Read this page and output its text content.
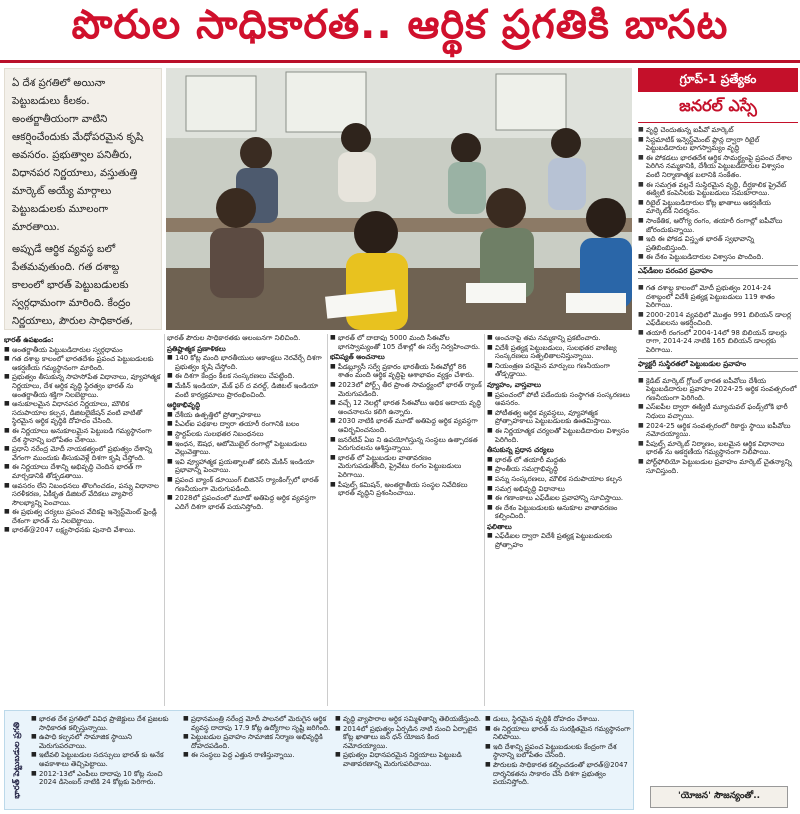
పొరుల సాధికారత.. ఆర్థిక ప్రగతికి బాసట

ఏ దేశ ప్రగతిలో అయినా పెట్టుబడులు కీలకం. అంతర్జాతీయంగా వాటిని ఆకర్షించేందుకు మేధోపరమైన కృషి అవసరం. ప్రభుత్వాల పనితీరు, విధానపర నిర్ణయాలు, వస్తుతుత్తి మార్కెట్ అయ్యే మార్గాలు పెట్టుబడులకు మూలంగా మారతాయి.

అప్పుడే ఆర్థిక వ్యవస్థ బలో పేతమవుతుంది. గత దశాబ్ద కాలంలో భారత్ పెట్టుబడులకు స్వర్గధామంగా మారింది. కేంద్రం నిర్ణయాలు, పౌరుల సాధికారత,

గ్రూప్-1 ప్రత్యేకం
జనరల్ ఎస్సే
■ వృద్ధి చెందుతున్న ఐపీవో మార్కెట్
■ సిస్టమాటిక్ ఇన్వెస్ట్‌మెంట్ ప్లాన్ల ద్వారా రిటైల్ పెట్టుబడిదారుల భాగస్వామ్యం వృద్ధి
■ ఈ పోకడలు భారతదేశ ఆర్థిక సామర్థ్యంపై ప్రపంచ దేశాల పెరిగిన నమ్మకానికి, దేశీయ పెట్టుబడిదారుల విశ్వాసం వంటి నిర్మాణాత్మక బలానికి సంకేతం.
■ ఈ సమగ్రత వల్లనే సుస్థిరమైన వృద్ధి, దీర్ఘకాలిక ప్రైవేట్ ఈక్విటీ కంపెనీలకు పెట్టుబడులు సమకూరాయి.
■ రిటైల్ పెట్టుబడిదారుల కోట్ల ఖాతాలు ఆకర్షణీయ మార్కెట్‌కి నిదర్శనం.
■ సాంకేతిక, ఆరోగ్య రంగం, తయారీ రంగాల్లో ఐపీవోలు జోరందుకున్నాయి.
■ ఇది ఈ పోకడ విస్తృత భారత్ స్వభావాన్ని ప్రతిబింబిస్తుంది.
■ ఈ దేశం పెట్టుబడిదారుల విశ్వాసం పొందింది.
ఎఫ్‌డీఐల పరంపర ప్రవాహం
■ గత దశాబ్ద కాలంలో మోదీ ప్రభుత్వం 2014-24 దశాబ్దంలో విదేశీ ప్రత్యక్ష పెట్టుబడులు 119 శాతం పెరిగాయి.
■ 2000-2014 వ్యవధిలో మొత్తం 991 బిలియన్ డాలర్ల ఎఫ్‌డీఐలను ఆకర్షించింది.
■ తయారీ రంగంలో 2004-14లో 98 బిలియన్ డాలర్లు రాగా, 2014-24 నాటికి 165 బిలియన్ డాలర్లకు పెరిగాయి.
ఫ్యాక్టరీ సుస్థిరతలో పెట్టుబడుల ప్రవాహం
■ క్రెడిట్ మార్కెట్ గ్లోబల్ భారత ఐపీవోలు దేశీయ పెట్టుబడిదారుల ప్రవాహం 2024-25 ఆర్థిక సంవత్సరంలో గణనీయంగా పెరిగింది.
■ ఎస్‌ఐపీల ద్వారా ఈక్విటీ మ్యూచువల్ ఫండ్స్‌లోకి భారీ నిధులు వచ్చాయి.
■ 2024-25 ఆర్థిక సంవత్సరంలో రికార్డు స్థాయి ఐపీవోలు నమోదయ్యాయి.
■ పీపుల్స్ మార్కెట్ నిర్మాణం, బలమైన ఆర్థిక విధానాలు భారత్ ను ఆకర్షణీయ గమ్యస్థానంగా నిలిపాయి.
■ పోర్ట్‌ఫోలియో పెట్టుబడుల ప్రవాహం మార్కెట్ చైతన్యాన్ని సూచిస్తుంది.
'యోజన' సౌజన్యంతో..
భారత్ ఉపఖండం:
■ అంతర్జాతీయ పెట్టుబడిదారుల స్వర్గధామం
■ గత దశాబ్ద కాలంలో భారతదేశం ప్రపంచ పెట్టుబడులకు ఆకర్షణీయ గమ్యస్థానంగా మారింది.
■ ప్రభుత్వం తీసుకున్న సాహసోపేత విధానాలు, వ్యూహాత్మక నిర్ణయాలు, దేశ ఆర్థిక వృద్ధి స్థిరత్వం భారత్ ను అంతర్జాతీయ శక్తిగా నిలబెట్టాయి.
■ అనుకూలమైన విధానపర నిర్ణయాలు, మౌలిక సదుపాయాల కల్పన, డిజిటలైజేషన్ వంటి వాటితో స్థిరమైన ఆర్థిక వృద్ధికి దోహదం చేసింది.
■ ఈ నిర్ణయాలు అనుకూలమైన పెట్టుబడి గమ్యస్థానంగా దేశ స్థానాన్ని బలోపేతం చేశాయి.
■ ప్రధాని నరేంద్ర మోదీ నాయకత్వంలో ప్రభుత్వం దేశాన్ని వేగంగా ముందుకు తీసుకువెళ్లే దిశగా కృషి చేస్తోంది.
■ ఈ నిర్ణయాలు దేశాన్ని అభివృద్ధి చెందిన భారత్ గా మార్చడానికి తోడ్పడతాయి.
■ అవసరం లేని నిబంధనలు తొలగించడం, పన్ను విధానాల సరళీకరణ, ఏకీకృత డిజిటల్ వేదికలు వ్యాపార సౌలభ్యాన్ని పెంచాయి.
■ ఈ ప్రభుత్వ చర్యలు ప్రపంచ వేదికపై ఇన్వెస్ట్‌మెంట్ ఫ్రెండ్లీ దేశంగా భారత్ ను నిలబెట్టాయి.
■ భారత్@2047 లక్ష్యసాధనకు పునాది వేశాయి.
భారత్ పౌరుల సాధికారతకు ఆలంబనగా నిలిచింది.
ప్రతిష్టాత్మక ప్రణాళికలు
■ 140 కోట్ల మంది భారతీయుల ఆకాంక్షలు నెరవేర్చే దిశగా ప్రభుత్వం కృషి చేస్తోంది.
■ ఈ దిశగా కేంద్రం కీలక సంస్కరణలు చేపట్టింది.
■ మేకిన్ ఇండియా, మేక్ ఫర్ ద వరల్డ్, డిజిటల్ ఇండియా వంటి కార్యక్రమాలు ప్రారంభించింది.
ఆర్థికాభివృద్ధి
■ దేశీయ ఉత్పత్తిలో ప్రోత్సాహకాలు
■ పీఎల్‌ఐ పథకాల ద్వారా తయారీ రంగానికి బలం
■ స్టార్టప్‌లకు సులభతర నిబంధనలు
■ ఇంధన, ఔషధ, ఆటోమొబైల్ రంగాల్లో పెట్టుబడులు వెల్లువెత్తాయి.
■ ఇవి వ్యూహాత్మక ప్రయత్నాలతో కలిసి మేకిన్ ఇండియా ప్రభావాన్ని పెంచాయి.
■ ప్రపంచ బ్యాంక్ డూయింగ్ బిజినెస్ ర్యాంకింగ్స్‌లో భారత్ గణనీయంగా మెరుగుపడింది.
■ 2028లో ప్రపంచంలో మూడో అతిపెద్ద ఆర్థిక వ్యవస్థగా ఎదిగే దిశగా భారత్ పయనిస్తోంది.
■ భారత్ లో దాదాపు 5000 మంది సీఈవోల భాగస్వామ్యంతో 105 దేశాల్లో ఈ సర్వే నిర్వహించారు.
భవిష్యత్ అంచనాలు
■ పీడబ్ల్యూసీ సర్వే ప్రకారం భారతీయ సీఈవోల్లో 86 శాతం మంది ఆర్థిక వృద్ధిపై ఆశాభావం వ్యక్తం చేశారు.
■ 2023లో పోర్ట్స్ తీర ప్రాంత సామర్థ్యంలో భారత్ ర్యాంక్ మెరుగుపడింది.
■ వచ్చే 12 నెలల్లో భారత సీఈవోలు అధిక ఆదాయ వృద్ధి అంచనాలను కలిగి ఉన్నారు.
■ 2030 నాటికి భారత్ మూడో అతిపెద్ద ఆర్థిక వ్యవస్థగా ఆవిర్భవించనుంది.
■ జనరేటివ్ ఏఐ ని ఉపయోగిస్తున్న సంస్థలు ఉత్పాదకత పెరుగుదలను ఆశిస్తున్నాయి.
■ భారత్ లో పెట్టుబడుల వాతావరణం మెరుగుపడుతోంది, ప్రైవేటు రంగం పెట్టుబడులు పెరిగాయి.
■ పీపుల్స్ కమిషన్, అంతర్జాతీయ సంస్థల నివేదికలు భారత్ వృద్ధిని ప్రశంసించాయి.
■ అంచనాపై తమ నమ్మకాన్ని ప్రకటించారు.
■ విదేశీ ప్రత్యక్ష పెట్టుబడులు, సులభతర వాణిజ్య సంస్కరణలు సత్ఫలితాలనిస్తున్నాయి.
■ నియంత్రణ పరమైన మార్పులు గణనీయంగా తోడ్పడ్డాయి.
వ్యూహం, వాస్తవాలు
■ ప్రపంచంలో పోటీ పడేందుకు సంస్థాగత సంస్కరణలు అవసరం.
■ పోటీతత్వ ఆర్థిక వ్యవస్థలు, వ్యూహాత్మక ప్రోత్సాహకాలు పెట్టుబడులకు ఊతమిస్తాయి.
■ ఈ నిర్ణయాత్మక చర్యలతో పెట్టుబడిదారుల విశ్వాసం పెరిగింది.
తీసుకున్న ప్రధాన చర్యలు
■ భారత్ లో తయారీ మద్దతు
■ ప్రాంతీయ సమగ్రాభివృద్ధి
■ పన్ను సంస్కరణలు, మౌలిక సదుపాయాల కల్పన
■ సమగ్ర అభివృద్ధి విధానాలు
■ ఈ గణాంకాలు ఎఫ్‌డీఐల ప్రవాహాన్ని సూచిస్తాయి.
■ ఈ దేశం పెట్టుబడులకు అనుకూల వాతావరణం కల్పించింది.
ఫలితాలు
■ ఎఫ్‌డీఐల ద్వారా విదేశీ ప్రత్యక్ష పెట్టుబడులకు ప్రోత్సాహం
భారత్ పెట్టుబడుల ప్రగతి
■ భారత దేశ ప్రగతిలో వివిధ ప్రాజెక్టులు దేశ ప్రజలకు సాధికారత కల్పిస్తున్నాయి.
■ ఉపాధి కల్పనలో సామాజిక స్థాయిని మెరుగుపరచాయి.
■ ఇటీవలి పెట్టుబడుల సదస్సులు భారత్ కు అనేక అవకాశాలు తెచ్చిపెట్టాయి.
■ 2012-13లో ఎంపీలు దాదాపు 10 కోట్ల నుంచి 2024 డిసెంబర్ నాటికి 24 కోట్లకు పెరిగారు.
■ ప్రధానమంత్రి నరేంద్ర మోదీ పాలనలో మెరుగైన ఆర్థిక వ్యవస్థ దాదాపు 17.9 కోట్ల ఉద్యోగాల సృష్టి జరిగింది.
■ పెట్టుబడుల ప్రవాహం సామాజిక నిర్మాణ అభివృద్ధికి దోహదపడింది.
■ ఈ సంస్థలు పెద్ద ఎత్తున రాణిస్తున్నాయి.
■ వృద్ధి వ్యాపారాల ఆర్థిక సమ్మిళితాన్ని తెలియజేస్తుంది.
■ 2014లో ప్రభుత్వం ఏర్పడిన నాటి నుంచి ఏర్పాటైన కోట్ల ఖాతాలు జన్ ధన్ యోజన కింద నమోదయ్యాయి.
■ ప్రభుత్వం విధానపరమైన నిర్ణయాలు పెట్టుబడి వాతావరణాన్ని మెరుగుపరిచాయి.
■ డులు, స్థిరమైన వృద్ధికి దోహదం చేశాయి.
■ ఈ నిర్ణయాలు భారత్ ను సురక్షితమైన గమ్యస్థానంగా నిలిపాయి.
■ ఇది దేశాన్ని ప్రపంచ పెట్టుబడులకు కేంద్రంగా దేశ స్థానాన్ని బలోపేతం చేసింది.
■ పౌరులకు సాధికారత కల్పించడంతో భారత్@2047 దార్శనికతను సాకారం చేసే దిశగా ప్రభుత్వం పయనిస్తోంది.
